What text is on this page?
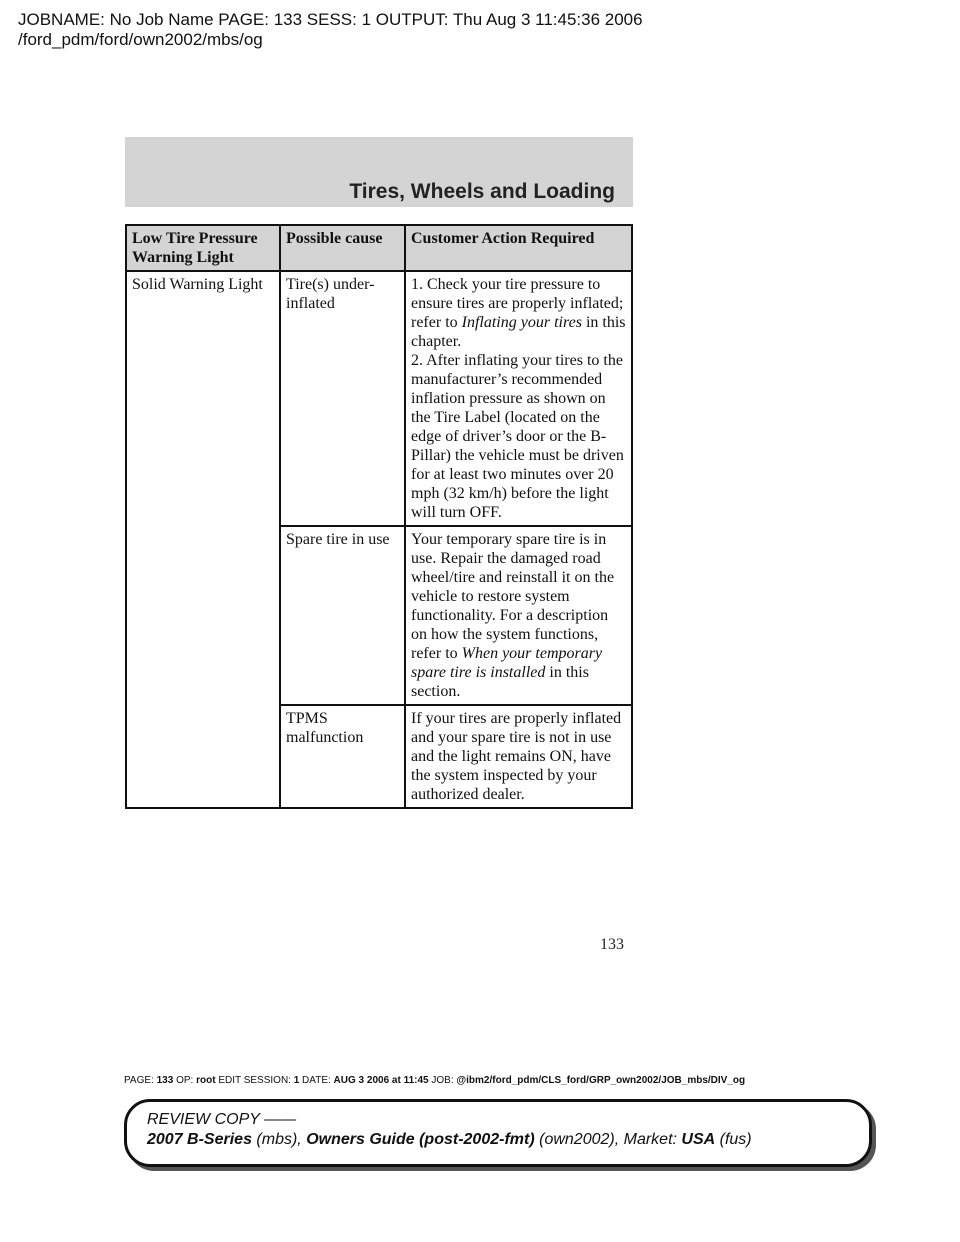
JOBNAME: No Job Name PAGE: 133 SESS: 1 OUTPUT: Thu Aug 3 11:45:36 2006
/ford_pdm/ford/own2002/mbs/og
Tires, Wheels and Loading
Low Tire Pressure Warning Light	Possible cause	Customer Action Required
Solid Warning Light	Tire(s) under-inflated	1. Check your tire pressure to ensure tires are properly inflated; refer to Inflating your tires in this chapter.
2. After inflating your tires to the manufacturer’s recommended inflation pressure as shown on the Tire Label (located on the edge of driver’s door or the B-Pillar) the vehicle must be driven for at least two minutes over 20 mph (32 km/h) before the light will turn OFF.
	Spare tire in use	Your temporary spare tire is in use. Repair the damaged road wheel/tire and reinstall it on the vehicle to restore system functionality. For a description on how the system functions, refer to When your temporary spare tire is installed in this section.
	TPMS malfunction	If your tires are properly inflated and your spare tire is not in use and the light remains ON, have the system inspected by your authorized dealer.
133
PAGE: 133 OP: root EDIT SESSION: 1 DATE: AUG 3 2006 at 11:45 JOB: @ibm2/ford_pdm/CLS_ford/GRP_own2002/JOB_mbs/DIV_og
REVIEW COPY ——
2007 B-Series (mbs), Owners Guide (post-2002-fmt) (own2002), Market: USA (fus)
